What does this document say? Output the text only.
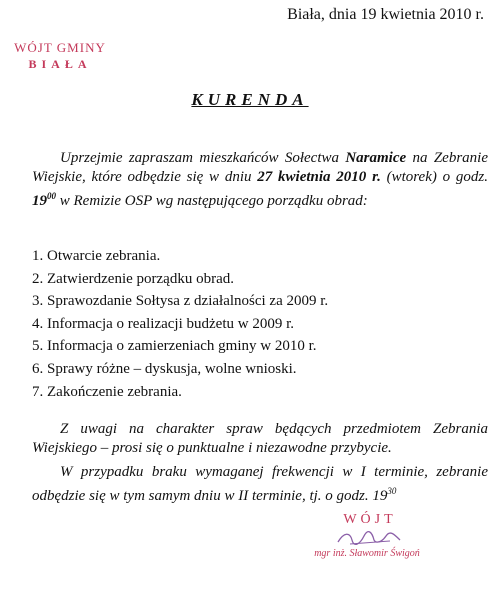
Biała, dnia 19 kwietnia 2010 r.
WÓJT GMINY
BIAŁA
KURENDA

Uprzejmie zapraszam mieszkańców Sołectwa Naramice na Zebranie Wiejskie, które odbędzie się w dniu 27 kwietnia 2010 r. (wtorek) o godz. $19^{00}$ w Remizie OSP wg następującego porządku obrad:

1. Otwarcie zebrania.
2. Zatwierdzenie porządku obrad.
3. Sprawozdanie Sołtysa z działalności za 2009 r.
4. Informacja o realizacji budżetu w 2009 r.
5. Informacja o zamierzeniach gminy w 2010 r.
6. Sprawy różne – dyskusja, wolne wnioski.
7. Zakończenie zebrania.

Z uwagi na charakter spraw będących przedmiotem Zebrania Wiejskiego – prosi się o punktualne i niezawodne przybycie.

W przypadku braku wymaganej frekwencji w I terminie, zebranie odbędzie się w tym samym dniu w II terminie, tj. o godz. $19^{30}$

WÓJT
mgr inż. Sławomir Świgoń
